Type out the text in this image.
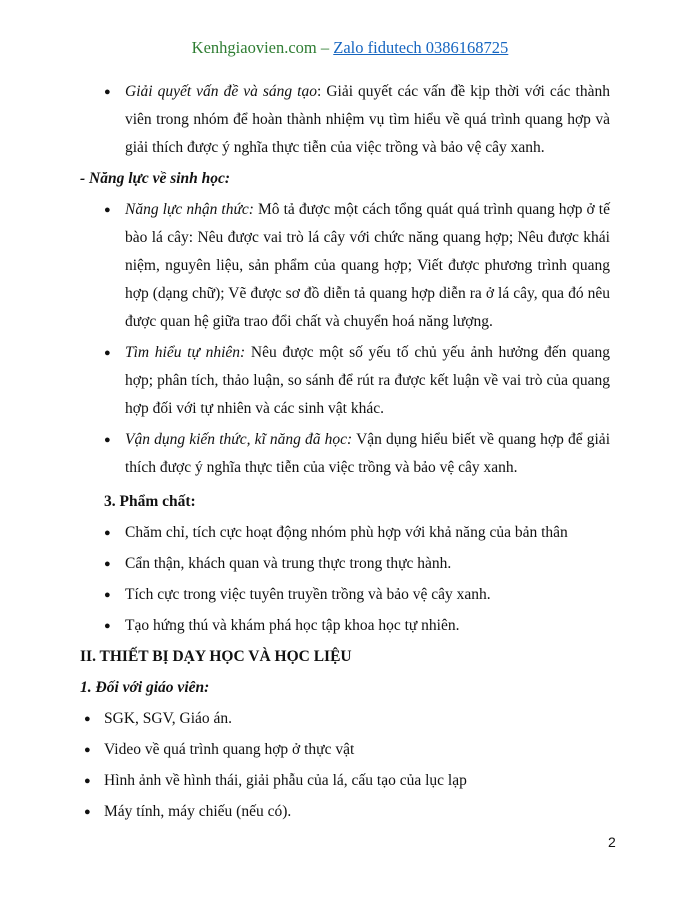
Kenhgiaovien.com – Zalo fidutech 0386168725
● Giải quyết vấn đề và sáng tạo: Giải quyết các vấn đề kịp thời với các thành viên trong nhóm để hoàn thành nhiệm vụ tìm hiểu về quá trình quang hợp và giải thích được ý nghĩa thực tiễn của việc trồng và bảo vệ cây xanh.
- Năng lực về sinh học:
● Năng lực nhận thức: Mô tả được một cách tổng quát quá trình quang hợp ở tế bào lá cây: Nêu được vai trò lá cây với chức năng quang hợp; Nêu được khái niệm, nguyên liệu, sản phẩm của quang hợp; Viết được phương trình quang hợp (dạng chữ); Vẽ được sơ đồ diễn tả quang hợp diễn ra ở lá cây, qua đó nêu được quan hệ giữa trao đổi chất và chuyển hoá năng lượng.
● Tìm hiểu tự nhiên: Nêu được một số yếu tố chủ yếu ảnh hưởng đến quang hợp; phân tích, thảo luận, so sánh để rút ra được kết luận về vai trò của quang hợp đối với tự nhiên và các sinh vật khác.
● Vận dụng kiến thức, kĩ năng đã học: Vận dụng hiểu biết về quang hợp để giải thích được ý nghĩa thực tiễn của việc trồng và bảo vệ cây xanh.
3. Phẩm chất:
● Chăm chỉ, tích cực hoạt động nhóm phù hợp với khả năng của bản thân
● Cẩn thận, khách quan và trung thực trong thực hành.
● Tích cực trong việc tuyên truyền trồng và bảo vệ cây xanh.
● Tạo hứng thú và khám phá học tập khoa học tự nhiên.
II. THIẾT BỊ DẠY HỌC VÀ HỌC LIỆU
1. Đối với giáo viên:
● SGK, SGV, Giáo án.
● Video về quá trình quang hợp ở thực vật
● Hình ảnh về hình thái, giải phẫu của lá, cấu tạo của lục lạp
● Máy tính, máy chiếu (nếu có).
2
